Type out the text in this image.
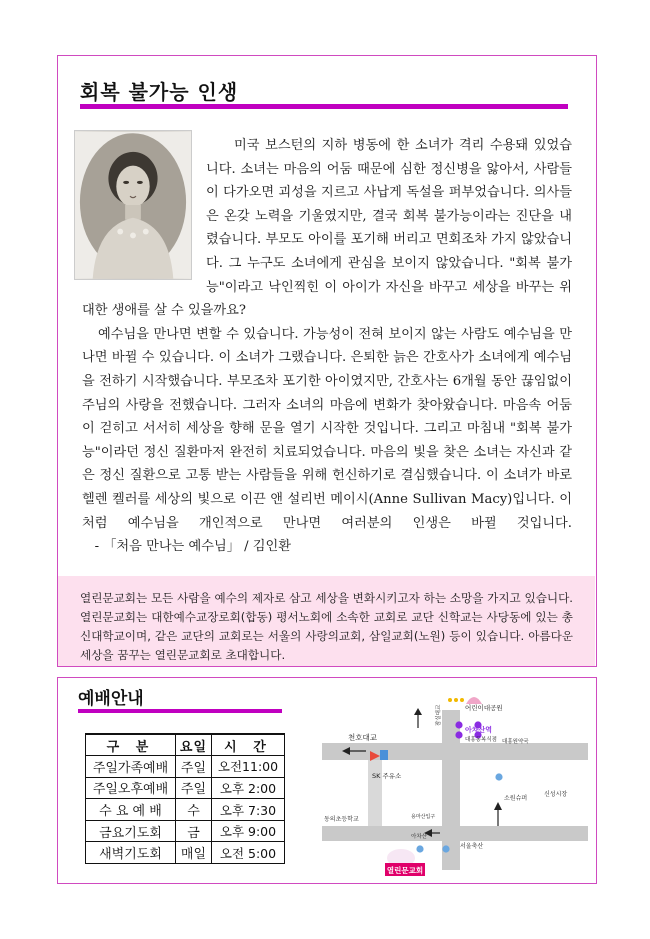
회복 불가능 인생

미국 보스턴의 지하 병동에 한 소녀가 격리 수용돼 있었습니다. 소녀는 마음의 어둠 때문에 심한 정신병을 앓아서, 사람들이 다가오면 괴성을 지르고 사납게 독설을 퍼부었습니다. 의사들은 온갖 노력을 기울였지만, 결국 회복 불가능이라는 진단을 내렸습니다. 부모도 아이를 포기해 버리고 면회조차 가지 않았습니다. 그 누구도 소녀에게 관심을 보이지 않았습니다. "회복 불가능"이라고 낙인찍힌 이 아이가 자신을 바꾸고 세상을 바꾸는 위대한 생애를 살 수 있을까요?

예수님을 만나면 변할 수 있습니다. 가능성이 전혀 보이지 않는 사람도 예수님을 만나면 바뀔 수 있습니다. 이 소녀가 그랬습니다. 은퇴한 늙은 간호사가 소녀에게 예수님을 전하기 시작했습니다. 부모조차 포기한 아이였지만, 간호사는 6개월 동안 끊임없이 주님의 사랑을 전했습니다. 그러자 소녀의 마음에 변화가 찾아왔습니다. 마음속 어둠이 걷히고 서서히 세상을 향해 문을 열기 시작한 것입니다. 그리고 마침내 "회복 불가능"이라던 정신 질환마저 완전히 치료되었습니다. 마음의 빛을 찾은 소녀는 자신과 같은 정신 질환으로 고통 받는 사람들을 위해 헌신하기로 결심했습니다. 이 소녀가 바로 헬렌 켈러를 세상의 빛으로 이끈 앤 설리번 메이시(Anne Sullivan Macy)입니다. 이처럼 예수님을 개인적으로 만나면 여러분의 인생은 바뀔 것입니다.   - 「처음 만나는 예수님」 / 김인환

열린문교회는 모든 사람을 예수의 제자로 삼고 세상을 변화시키고자 하는 소망을 가지고 있습니다. 열린문교회는 대한예수교장로회(합동) 평서노회에 소속한 교회로 교단 신학교는 사당동에 있는 총신대학교이며, 같은 교단의 교회로는 서울의 사랑의교회, 삼일교회(노원) 등이 있습니다. 아름다운 세상을 꿈꾸는 열린문교회로 초대합니다.
예배안내
구 분	요일	시 간
주일가족예배	주일	오전11:00
주일오후예배	주일	오후 2:00
수 요 예 배	수	오후 7:30
금요기도회	금	오후 9:00
새벽기도회	매일	오전 5:00
잠실대교	어린이대공원
천호대교
아차산역
대흥동복식점 대흥원약국
SK 주유소
소원슈퍼
신성시장
동의초등학교	용마산입구
아차산
서울축산
열린문교회
